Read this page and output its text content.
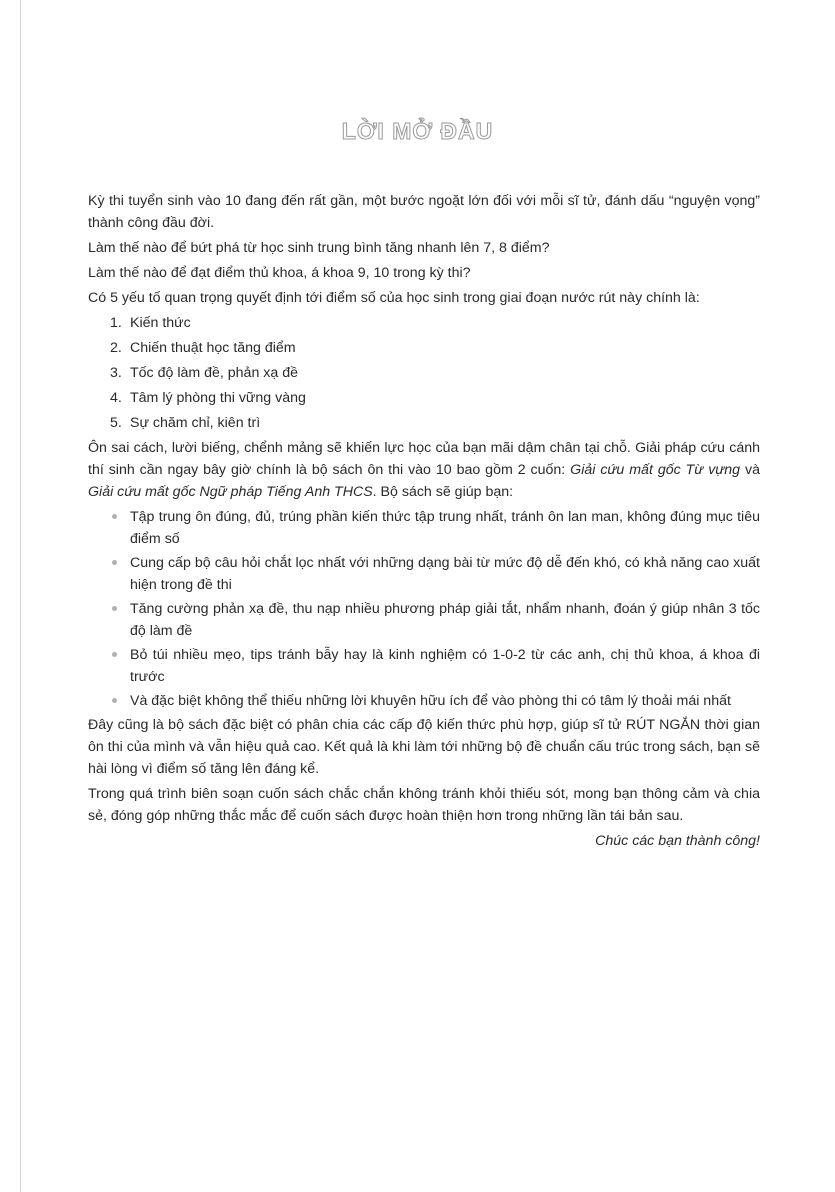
LỜI MỞ ĐẦU

Kỳ thi tuyển sinh vào 10 đang đến rất gần, một bước ngoặt lớn đối với mỗi sĩ tử, đánh dấu “nguyện vọng” thành công đầu đời.

Làm thế nào để bứt phá từ học sinh trung bình tăng nhanh lên 7, 8 điểm?

Làm thế nào để đạt điểm thủ khoa, á khoa 9, 10 trong kỳ thi?

Có 5 yếu tố quan trọng quyết định tới điểm số của học sinh trong giai đoạn nước rút này chính là:

1. Kiến thức
2. Chiến thuật học tăng điểm
3. Tốc độ làm đề, phản xạ đề
4. Tâm lý phòng thi vững vàng
5. Sự chăm chỉ, kiên trì

Ôn sai cách, lười biếng, chểnh mảng sẽ khiến lực học của bạn mãi dậm chân tại chỗ. Giải pháp cứu cánh thí sinh cần ngay bây giờ chính là bộ sách ôn thi vào 10 bao gồm 2 cuốn: Giải cứu mất gốc Từ vựng và Giải cứu mất gốc Ngữ pháp Tiếng Anh THCS. Bộ sách sẽ giúp bạn:

Tập trung ôn đúng, đủ, trúng phần kiến thức tập trung nhất, tránh ôn lan man, không đúng mục tiêu điểm số
Cung cấp bộ câu hỏi chắt lọc nhất với những dạng bài từ mức độ dễ đến khó, có khả năng cao xuất hiện trong đề thi
Tăng cường phản xạ đề, thu nạp nhiều phương pháp giải tắt, nhẩm nhanh, đoán ý giúp nhân 3 tốc độ làm đề
Bỏ túi nhiều mẹo, tips tránh bẫy hay là kinh nghiệm có 1-0-2 từ các anh, chị thủ khoa, á khoa đi trước
Và đặc biệt không thể thiếu những lời khuyên hữu ích để vào phòng thi có tâm lý thoải mái nhất

Đây cũng là bộ sách đặc biệt có phân chia các cấp độ kiến thức phù hợp, giúp sĩ tử RÚT NGẮN thời gian ôn thi của mình và vẫn hiệu quả cao. Kết quả là khi làm tới những bộ đề chuẩn cấu trúc trong sách, bạn sẽ hài lòng vì điểm số tăng lên đáng kể.

Trong quá trình biên soạn cuốn sách chắc chắn không tránh khỏi thiếu sót, mong bạn thông cảm và chia sẻ, đóng góp những thắc mắc để cuốn sách được hoàn thiện hơn trong những lần tái bản sau.

Chúc các bạn thành công!
